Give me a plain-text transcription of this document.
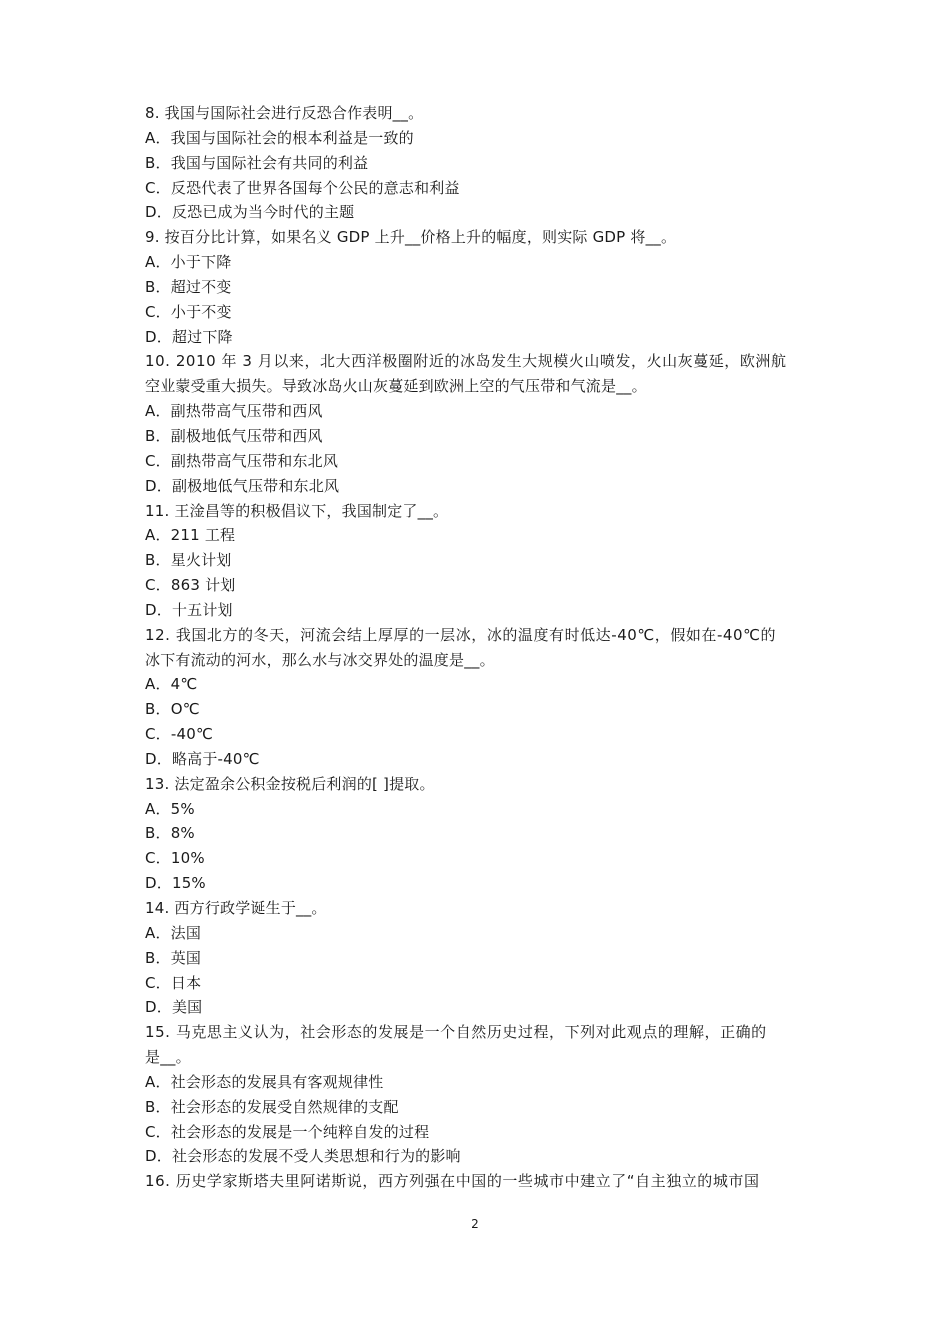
8. 我国与国际社会进行反恐合作表明__。
A．我国与国际社会的根本利益是一致的
B．我国与国际社会有共同的利益
C．反恐代表了世界各国每个公民的意志和利益
D．反恐已成为当今时代的主题
9. 按百分比计算，如果名义 GDP 上升__价格上升的幅度，则实际 GDP 将__。
A．小于下降
B．超过不变
C．小于不变
D．超过下降
10. 2010 年 3 月以来，北大西洋极圈附近的冰岛发生大规模火山喷发，火山灰蔓延，欧洲航
空业蒙受重大损失。导致冰岛火山灰蔓延到欧洲上空的气压带和气流是__。
A．副热带高气压带和西风
B．副极地低气压带和西风
C．副热带高气压带和东北风
D．副极地低气压带和东北风
11. 王淦昌等的积极倡议下，我国制定了__。
A．211 工程
B．星火计划
C．863 计划
D．十五计划
12. 我国北方的冬天，河流会结上厚厚的一层冰，冰的温度有时低达-40℃，假如在-40℃的
冰下有流动的河水，那么水与冰交界处的温度是__。
A．4℃
B．O℃
C．-40℃
D．略高于-40℃
13. 法定盈余公积金按税后利润的[ ]提取。
A．5%
B．8%
C．10%
D．15%
14. 西方行政学诞生于__。
A．法国
B．英国
C．日本
D．美国
15. 马克思主义认为，社会形态的发展是一个自然历史过程，下列对此观点的理解，正确的
是__。
A．社会形态的发展具有客观规律性
B．社会形态的发展受自然规律的支配
C．社会形态的发展是一个纯粹自发的过程
D．社会形态的发展不受人类思想和行为的影响
16. 历史学家斯塔夫里阿诺斯说，西方列强在中国的一些城市中建立了“自主独立的城市国
2
